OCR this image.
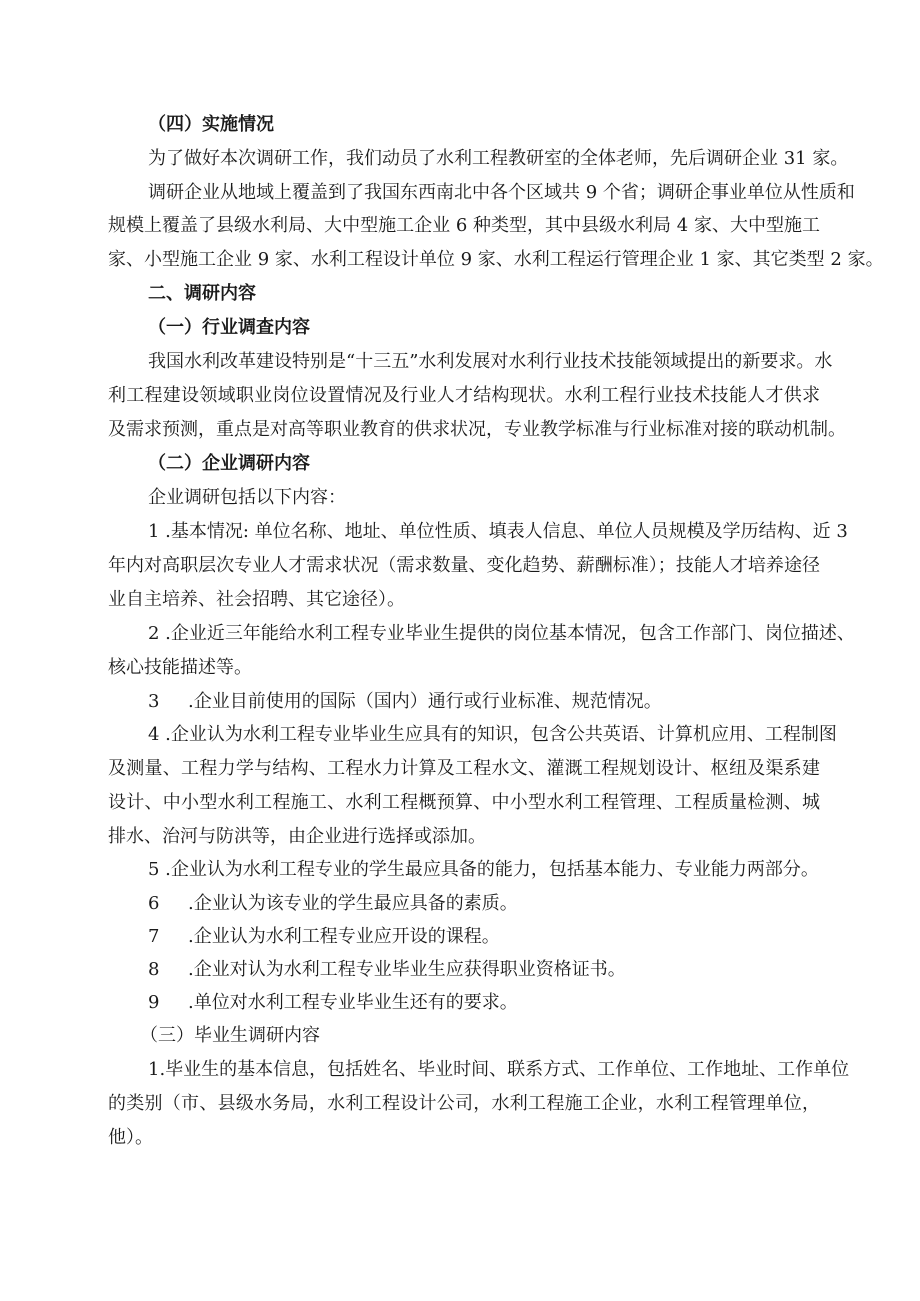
（四）实施情况
为了做好本次调研工作，我们动员了水利工程教研室的全体老师，先后调研企业 31 家。
调研企业从地域上覆盖到了我国东西南北中各个区域共 9 个省；调研企事业单位从性质和
规模上覆盖了县级水利局、大中型施工企业 6 种类型，其中县级水利局 4 家、大中型施工
家、小型施工企业 9 家、水利工程设计单位 9 家、水利工程运行管理企业 1 家、其它类型 2 家。
二、调研内容
（一）行业调查内容
我国水利改革建设特别是“十三五”水利发展对水利行业技术技能领域提出的新要求。水
利工程建设领域职业岗位设置情况及行业人才结构现状。水利工程行业技术技能人才供求
及需求预测，重点是对高等职业教育的供求状况，专业教学标准与行业标准对接的联动机制。
（二）企业调研内容
企业调研包括以下内容：
1 .基本情况: 单位名称、地址、单位性质、填表人信息、单位人员规模及学历结构、近 3
年内对高职层次专业人才需求状况（需求数量、变化趋势、薪酬标准）；技能人才培养途径
业自主培养、社会招聘、其它途径）。
2 .企业近三年能给水利工程专业毕业生提供的岗位基本情况，包含工作部门、岗位描述、
核心技能描述等。
3 .企业目前使用的国际（国内）通行或行业标准、规范情况。
4 .企业认为水利工程专业毕业生应具有的知识，包含公共英语、计算机应用、工程制图
及测量、工程力学与结构、工程水力计算及工程水文、灌溉工程规划设计、枢纽及渠系建
设计、中小型水利工程施工、水利工程概预算、中小型水利工程管理、工程质量检测、城
排水、治河与防洪等，由企业进行选择或添加。
5 .企业认为水利工程专业的学生最应具备的能力，包括基本能力、专业能力两部分。
6 .企业认为该专业的学生最应具备的素质。
7 .企业认为水利工程专业应开设的课程。
8 .企业对认为水利工程专业毕业生应获得职业资格证书。
9 .单位对水利工程专业毕业生还有的要求。
（三）毕业生调研内容
1.毕业生的基本信息，包括姓名、毕业时间、联系方式、工作单位、工作地址、工作单位
的类别（市、县级水务局，水利工程设计公司，水利工程施工企业，水利工程管理单位，
他）。
